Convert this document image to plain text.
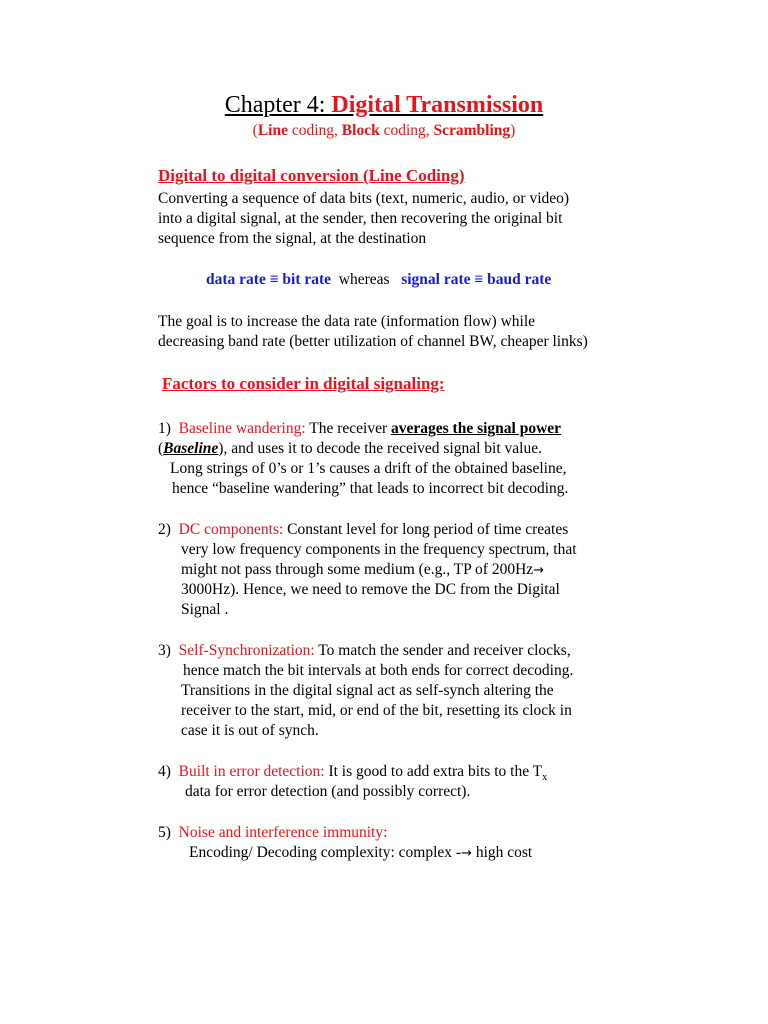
Chapter 4: Digital Transmission
(Line coding, Block coding, Scrambling)
Digital to digital conversion (Line Coding)
Converting a sequence of data bits (text, numeric, audio, or video)
into a digital signal, at the sender, then recovering the original bit
sequence from the signal, at the destination
data rate ≡ bit rate whereas signal rate ≡ baud rate
The goal is to increase the data rate (information flow) while
decreasing band rate (better utilization of channel BW, cheaper links)
Factors to consider in digital signaling:
1) Baseline wandering: The receiver averages the signal power
(Baseline), and uses it to decode the received signal bit value.
Long strings of 0’s or 1’s causes a drift of the obtained baseline,
hence “baseline wandering” that leads to incorrect bit decoding.
2) DC components: Constant level for long period of time creates
very low frequency components in the frequency spectrum, that
might not pass through some medium (e.g., TP of 200Hz→
3000Hz). Hence, we need to remove the DC from the Digital
Signal .
3) Self-Synchronization: To match the sender and receiver clocks,
hence match the bit intervals at both ends for correct decoding.
Transitions in the digital signal act as self-synch altering the
receiver to the start, mid, or end of the bit, resetting its clock in
case it is out of synch.
4) Built in error detection: It is good to add extra bits to the $T_x$
data for error detection (and possibly correct).
5) Noise and interference immunity:
Encoding/ Decoding complexity: complex -→ high cost
